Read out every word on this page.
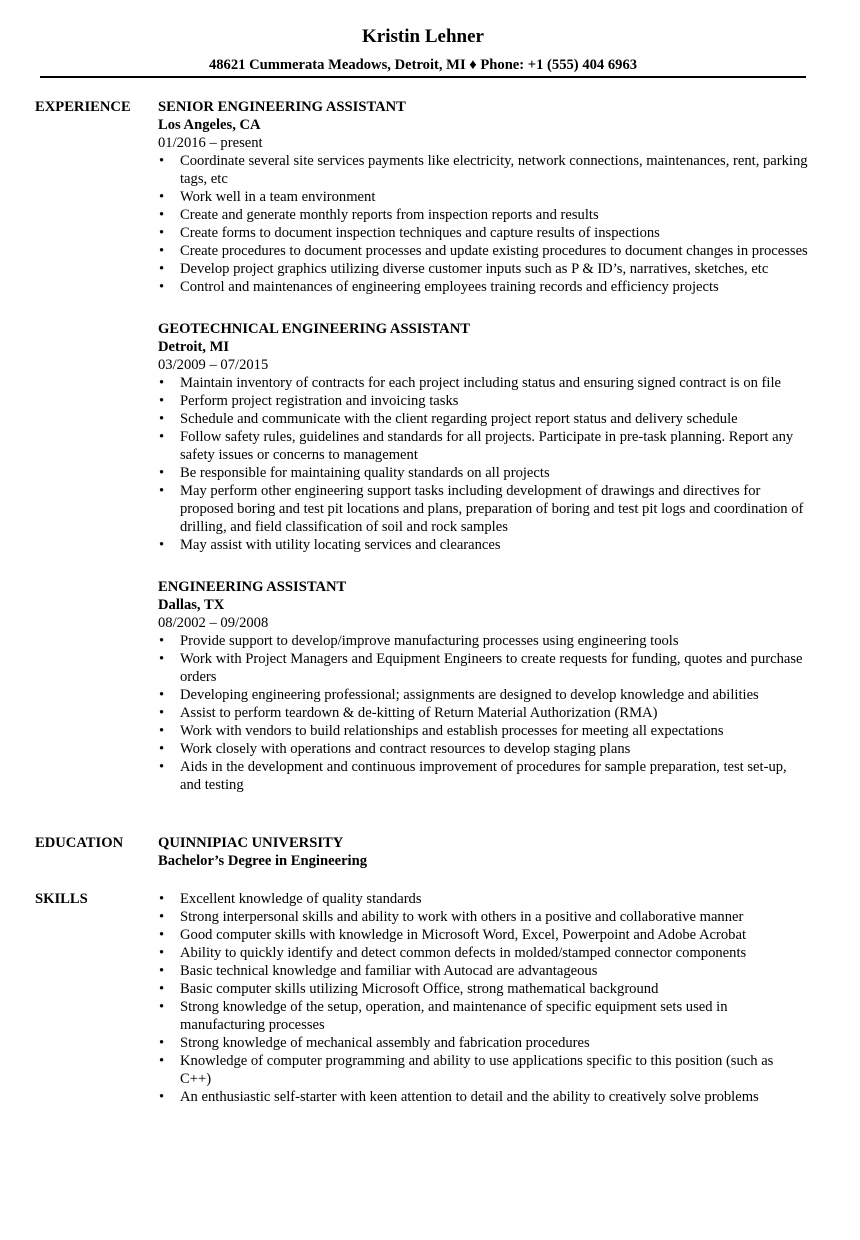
Kristin Lehner
48621 Cummerata Meadows, Detroit, MI ♦ Phone: +1 (555) 404 6963
EXPERIENCE SENIOR ENGINEERING ASSISTANT
Los Angeles, CA
01/2016 – present
• Coordinate several site services payments like electricity, network connections, maintenances, rent, parking tags, etc
• Work well in a team environment
• Create and generate monthly reports from inspection reports and results
• Create forms to document inspection techniques and capture results of inspections
• Create procedures to document processes and update existing procedures to document changes in processes
• Develop project graphics utilizing diverse customer inputs such as P & ID’s, narratives, sketches, etc
• Control and maintenances of engineering employees training records and efficiency projects
GEOTECHNICAL ENGINEERING ASSISTANT
Detroit, MI
03/2009 – 07/2015
• Maintain inventory of contracts for each project including status and ensuring signed contract is on file
• Perform project registration and invoicing tasks
• Schedule and communicate with the client regarding project report status and delivery schedule
• Follow safety rules, guidelines and standards for all projects. Participate in pre-task planning. Report any safety issues or concerns to management
• Be responsible for maintaining quality standards on all projects
• May perform other engineering support tasks including development of drawings and directives for proposed boring and test pit locations and plans, preparation of boring and test pit logs and coordination of drilling, and field classification of soil and rock samples
• May assist with utility locating services and clearances
ENGINEERING ASSISTANT
Dallas, TX
08/2002 – 09/2008
• Provide support to develop/improve manufacturing processes using engineering tools
• Work with Project Managers and Equipment Engineers to create requests for funding, quotes and purchase orders
• Developing engineering professional; assignments are designed to develop knowledge and abilities
• Assist to perform teardown & de-kitting of Return Material Authorization (RMA)
• Work with vendors to build relationships and establish processes for meeting all expectations
• Work closely with operations and contract resources to develop staging plans
• Aids in the development and continuous improvement of procedures for sample preparation, test set-up, and testing
EDUCATION QUINNIPIAC UNIVERSITY
Bachelor’s Degree in Engineering
SKILLS
•	Excellent knowledge of quality standards
• Strong interpersonal skills and ability to work with others in a positive and collaborative manner
• Good computer skills with knowledge in Microsoft Word, Excel, Powerpoint and Adobe Acrobat
• Ability to quickly identify and detect common defects in molded/stamped connector components
• Basic technical knowledge and familiar with Autocad are advantageous
• Basic computer skills utilizing Microsoft Office, strong mathematical background
• Strong knowledge of the setup, operation, and maintenance of specific equipment sets used in manufacturing processes
• Strong knowledge of mechanical assembly and fabrication procedures
• Knowledge of computer programming and ability to use applications specific to this position (such as C++)
• An enthusiastic self-starter with keen attention to detail and the ability to creatively solve problems
